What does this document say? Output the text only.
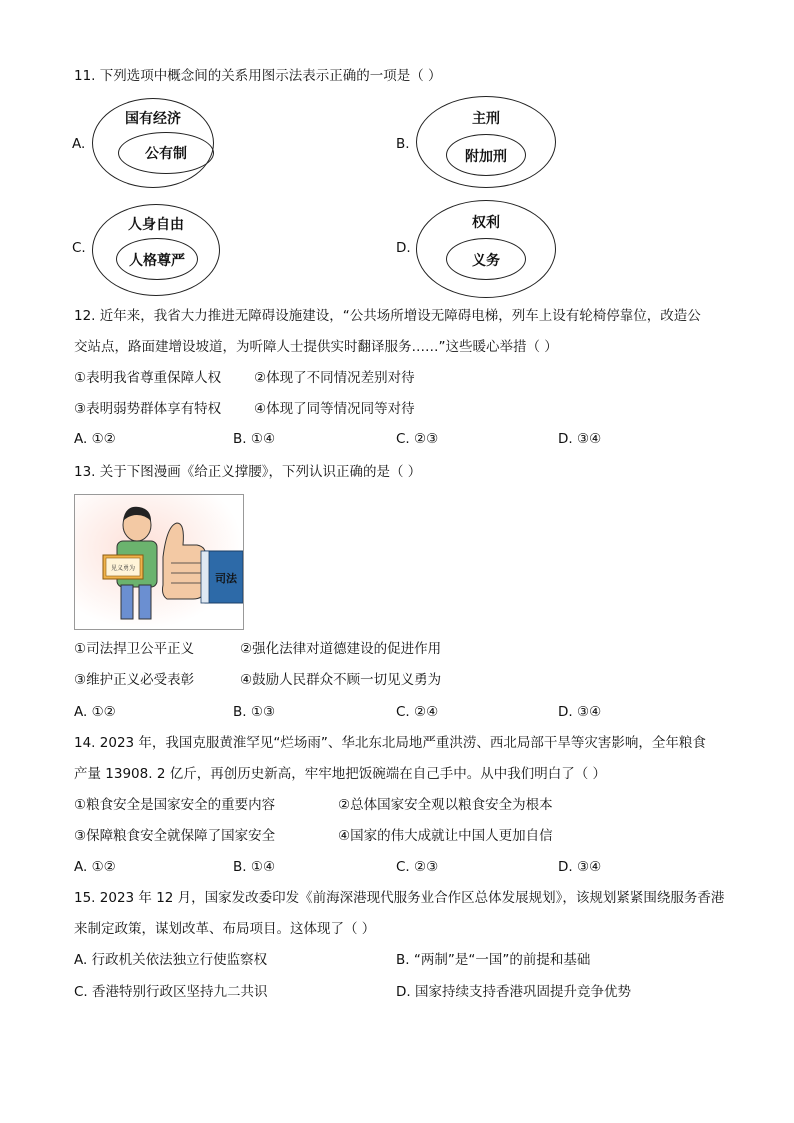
11. 下列选项中概念间的关系用图示法表示正确的一项是（ ）
A.
国有经济
公有制
B.
主刑
附加刑
C.
人身自由
人格尊严
D.
权利
义务
12. 近年来，我省大力推进无障碍设施建设，“公共场所增设无障碍电梯，列车上设有轮椅停靠位，改造公
交站点，路面建增设坡道，为听障人士提供实时翻译服务……”这些暖心举措（ ）
①表明我省尊重保障人权 ②体现了不同情况差别对待
③表明弱势群体享有特权 ④体现了同等情况同等对待
A. ①②	B. ①④	C. ②③	D. ③④
13. 关于下图漫画《给正义撑腰》，下列认识正确的是（ ）
见义勇为
司法
①司法捍卫公平正义	②强化法律对道德建设的促进作用
③维护正义必受表彰	④鼓励人民群众不顾一切见义勇为
A. ①②	B. ①③	C. ②④	D. ③④
14. 2023 年，我国克服黄淮罕见“烂场雨”、华北东北局地严重洪涝、西北局部干旱等灾害影响，全年粮食
产量 13908. 2 亿斤，再创历史新高，牢牢地把饭碗端在自己手中。从中我们明白了（ ）
①粮食安全是国家安全的重要内容	②总体国家安全观以粮食安全为根本
③保障粮食安全就保障了国家安全	④国家的伟大成就让中国人更加自信
A. ①②	B. ①④	C. ②③	D. ③④
15. 2023 年 12 月，国家发改委印发《前海深港现代服务业合作区总体发展规划》，该规划紧紧围绕服务香港
来制定政策，谋划改革、布局项目。这体现了（ ）
A. 行政机关依法独立行使监察权	B. “两制”是“一国”的前提和基础
C. 香港特别行政区坚持九二共识	D. 国家持续支持香港巩固提升竞争优势
